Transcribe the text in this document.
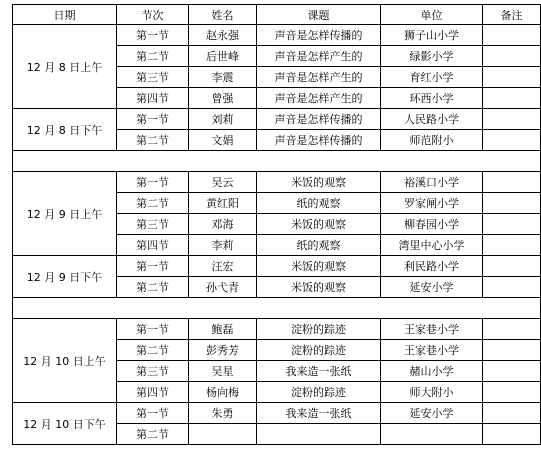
日期	节次	姓名	课题	单位	备注
12 月 8 日上午	第一节	赵永强	声音是怎样传播的	狮子山小学	
	第二节	后世峰	声音是怎样产生的	绿影小学	
	第三节	李震	声音是怎样产生的	育红小学	
	第四节	曾强	声音是怎样产生的	环西小学	
12 月 8 日下午	第一节	刘莉	声音是怎样传播的	人民路小学	
	第二节	文娟	声音是怎样传播的	师范附小	

12 月 9 日上午	第一节	吴云	米饭的观察	裕溪口小学	
	第二节	黄红阳	纸的观察	罗家闸小学	
	第三节	邓海	米饭的观察	柳春园小学	
	第四节	李莉	纸的观察	湾里中心小学	
12 月 9 日下午	第一节	汪宏	米饭的观察	利民路小学	
	第二节	孙弋青	米饭的观察	延安小学	

12 月 10 日上午	第一节	鲍磊	淀粉的踪迹	王家巷小学	
	第二节	彭秀芳	淀粉的踪迹	王家巷小学	
	第三节	吴星	我来造一张纸	赭山小学	
	第四节	杨向梅	淀粉的踪迹	师大附小	
12 月 10 日下午	第一节	朱勇	我来造一张纸	延安小学	
	第二节				
